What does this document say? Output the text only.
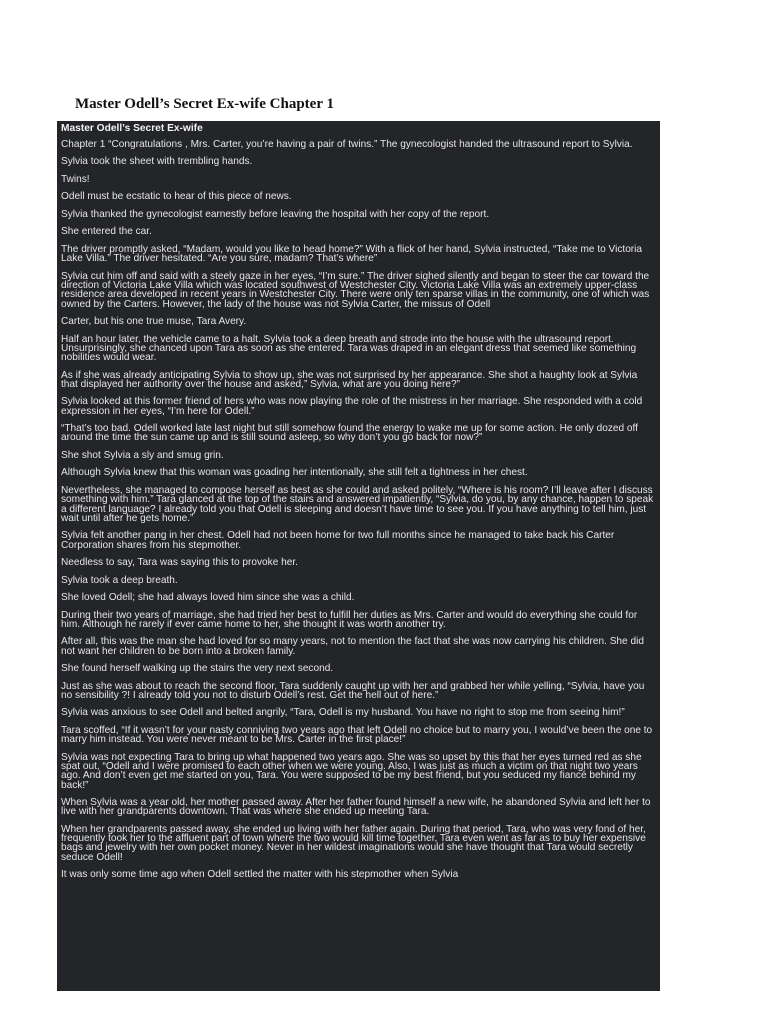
Master Odell’s Secret Ex-wife Chapter 1
Master Odell’s Secret Ex-wife

Chapter 1 “Congratulations , Mrs. Carter, you’re having a pair of twins.” The gynecologist handed the ultrasound report to Sylvia.

Sylvia took the sheet with trembling hands.

Twins!

Odell must be ecstatic to hear of this piece of news.

Sylvia thanked the gynecologist earnestly before leaving the hospital with her copy of the report.

She entered the car.

The driver promptly asked, “Madam, would you like to head home?” With a flick of her hand, Sylvia instructed, “Take me to Victoria Lake Villa.” The driver hesitated. “Are you sure, madam? That’s where”

Sylvia cut him off and said with a steely gaze in her eyes, “I’m sure.” The driver sighed silently and began to steer the car toward the direction of Victoria Lake Villa which was located southwest of Westchester City. Victoria Lake Villa was an extremely upper-class residence area developed in recent years in Westchester City. There were only ten sparse villas in the community, one of which was owned by the Carters. However, the lady of the house was not Sylvia Carter, the missus of Odell

Carter, but his one true muse, Tara Avery.

Half an hour later, the vehicle came to a halt. Sylvia took a deep breath and strode into the house with the ultrasound report. Unsurprisingly, she chanced upon Tara as soon as she entered. Tara was draped in an elegant dress that seemed like something nobilities would wear.

As if she was already anticipating Sylvia to show up, she was not surprised by her appearance. She shot a haughty look at Sylvia that displayed her authority over the house and asked,” Sylvia, what are you doing here?”

Sylvia looked at this former friend of hers who was now playing the role of the mistress in her marriage. She responded with a cold expression in her eyes, “I’m here for Odell.”

“That’s too bad. Odell worked late last night but still somehow found the energy to wake me up for some action. He only dozed off around the time the sun came up and is still sound asleep, so why don’t you go back for now?”

She shot Sylvia a sly and smug grin.

Although Sylvia knew that this woman was goading her intentionally, she still felt a tightness in her chest.

Nevertheless, she managed to compose herself as best as she could and asked politely, “Where is his room? I’ll leave after I discuss something with him.” Tara glanced at the top of the stairs and answered impatiently, “Sylvia, do you, by any chance, happen to speak a different language? I already told you that Odell is sleeping and doesn’t have time to see you. If you have anything to tell him, just wait until after he gets home.”

Sylvia felt another pang in her chest. Odell had not been home for two full months since he managed to take back his Carter Corporation shares from his stepmother.

Needless to say, Tara was saying this to provoke her.

Sylvia took a deep breath.

She loved Odell; she had always loved him since she was a child.

During their two years of marriage, she had tried her best to fulfill her duties as Mrs. Carter and would do everything she could for him. Although he rarely if ever came home to her, she thought it was worth another try.

After all, this was the man she had loved for so many years, not to mention the fact that she was now carrying his children. She did not want her children to be born into a broken family.

She found herself walking up the stairs the very next second.

Just as she was about to reach the second floor, Tara suddenly caught up with her and grabbed her while yelling, “Sylvia, have you no sensibility ?! I already told you not to disturb Odell’s rest. Get the hell out of here.”

Sylvia was anxious to see Odell and belted angrily, “Tara, Odell is my husband. You have no right to stop me from seeing him!”

Tara scoffed, “If it wasn’t for your nasty conniving two years ago that left Odell no choice but to marry you, I would’ve been the one to marry him instead. You were never meant to be Mrs. Carter in the first place!”

Sylvia was not expecting Tara to bring up what happened two years ago. She was so upset by this that her eyes turned red as she spat out, “Odell and I were promised to each other when we were young. Also, I was just as much a victim on that night two years ago. And don’t even get me started on you, Tara. You were supposed to be my best friend, but you seduced my fiancé behind my back!”

When Sylvia was a year old, her mother passed away. After her father found himself a new wife, he abandoned Sylvia and left her to live with her grandparents downtown. That was where she ended up meeting Tara.

When her grandparents passed away, she ended up living with her father again. During that period, Tara, who was very fond of her, frequently took her to the affluent part of town where the two would kill time together, Tara even went as far as to buy her expensive bags and jewelry with her own pocket money. Never in her wildest imaginations would she have thought that Tara would secretly seduce Odell!

It was only some time ago when Odell settled the matter with his stepmother when Sylvia
